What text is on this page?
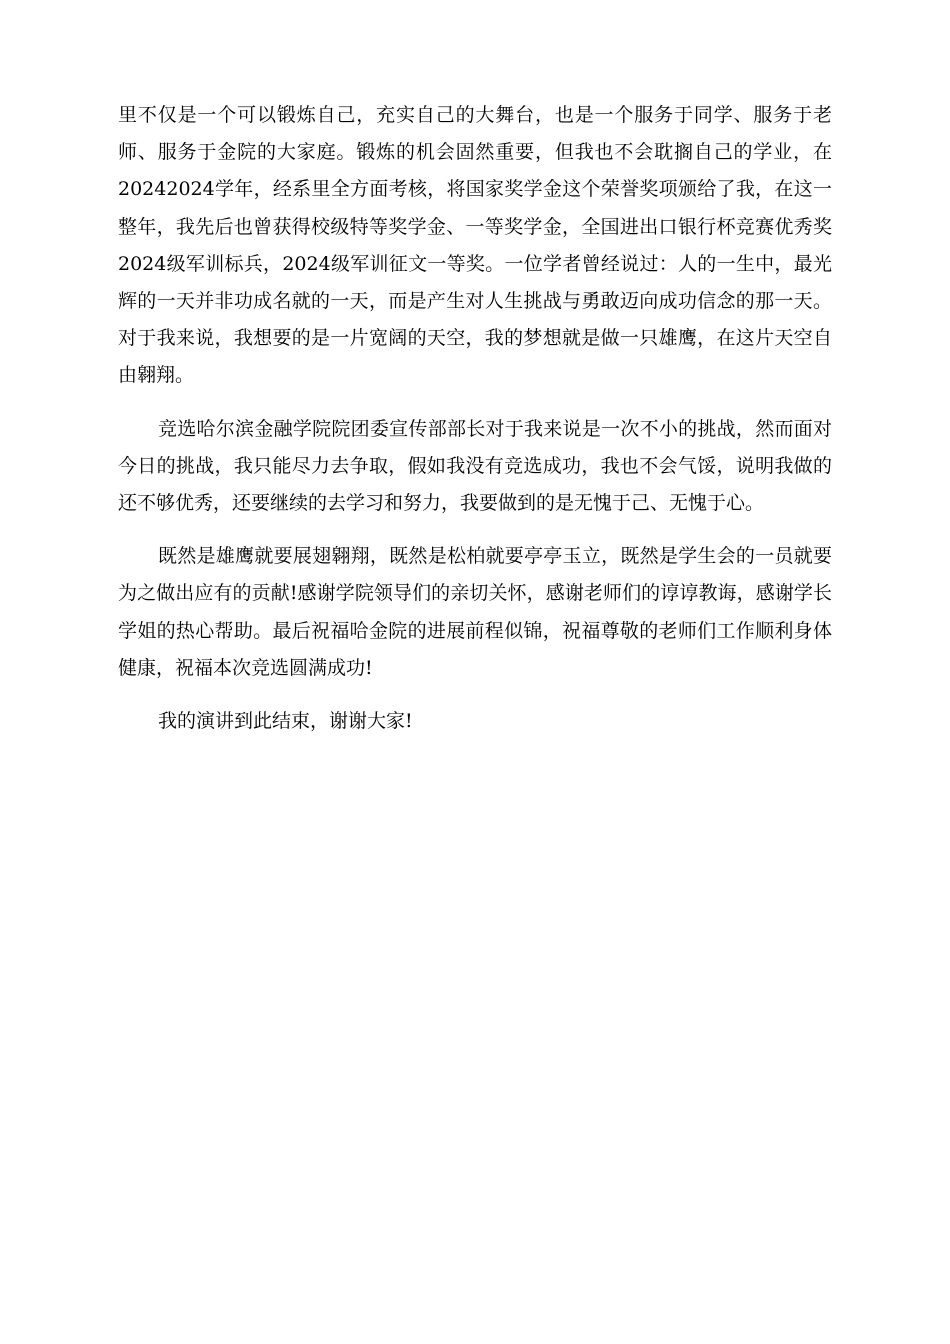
里不仅是一个可以锻炼自己，充实自己的大舞台，也是一个服务于同学、服务于老师、服务于金院的大家庭。锻炼的机会固然重要，但我也不会耽搁自己的学业，在20242024学年，经系里全方面考核，将国家奖学金这个荣誉奖项颁给了我，在这一整年，我先后也曾获得校级特等奖学金、一等奖学金，全国进出口银行杯竞赛优秀奖2024级军训标兵，2024级军训征文一等奖。一位学者曾经说过：人的一生中，最光辉的一天并非功成名就的一天，而是产生对人生挑战与勇敢迈向成功信念的那一天。对于我来说，我想要的是一片宽阔的天空，我的梦想就是做一只雄鹰，在这片天空自由翱翔。

竞选哈尔滨金融学院院团委宣传部部长对于我来说是一次不小的挑战，然而面对今日的挑战，我只能尽力去争取，假如我没有竞选成功，我也不会气馁，说明我做的还不够优秀，还要继续的去学习和努力，我要做到的是无愧于己、无愧于心。

既然是雄鹰就要展翅翱翔，既然是松柏就要亭亭玉立，既然是学生会的一员就要为之做出应有的贡献!感谢学院领导们的亲切关怀，感谢老师们的谆谆教诲，感谢学长学姐的热心帮助。最后祝福哈金院的进展前程似锦，祝福尊敬的老师们工作顺利身体健康，祝福本次竞选圆满成功!

我的演讲到此结束，谢谢大家!
